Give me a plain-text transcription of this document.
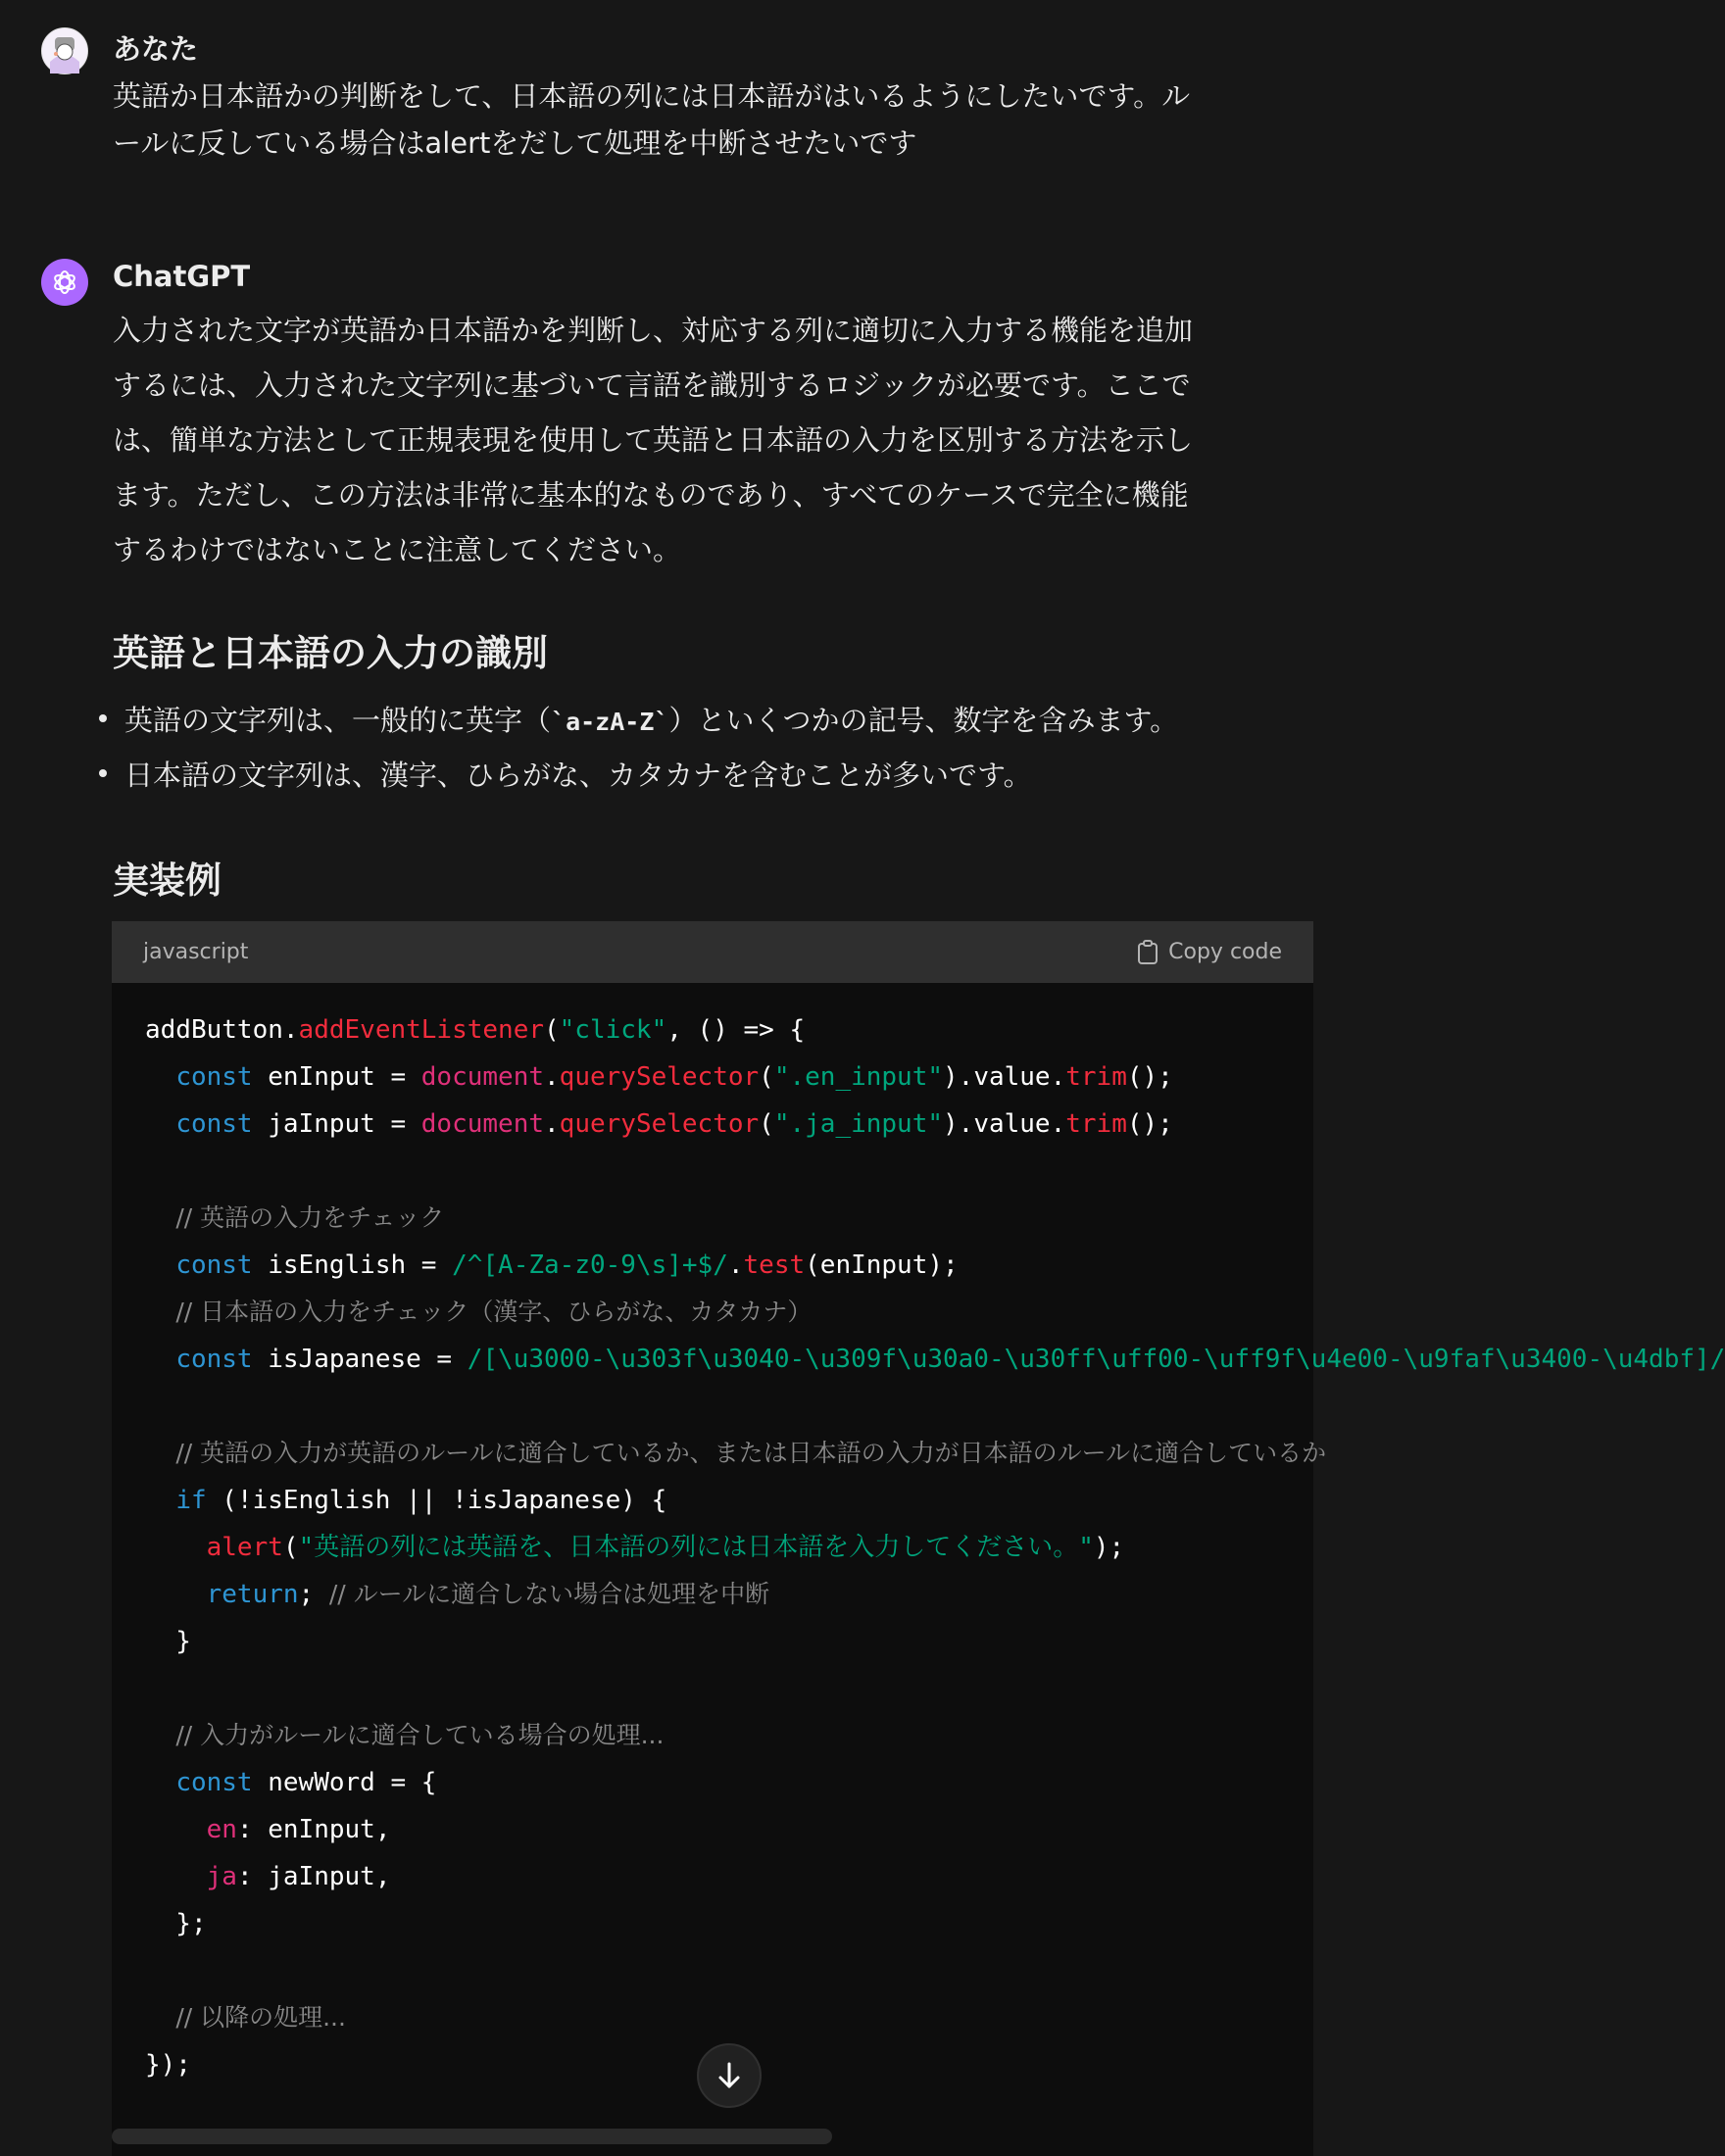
あなた
英語か日本語かの判断をして、日本語の列には日本語がはいるようにしたいです。ル
ールに反している場合はalertをだして処理を中断させたいです
ChatGPT
入力された文字が英語か日本語かを判断し、対応する列に適切に入力する機能を追加
するには、入力された文字列に基づいて言語を識別するロジックが必要です。ここで
は、簡単な方法として正規表現を使用して英語と日本語の入力を区別する方法を示し
ます。ただし、この方法は非常に基本的なものであり、すべてのケースで完全に機能
するわけではないことに注意してください。
英語と日本語の入力の識別
英語の文字列は、一般的に英字（`a-zA-Z`）といくつかの記号、数字を含みます。
日本語の文字列は、漢字、ひらがな、カタカナを含むことが多いです。
実装例
javascript	Copy code
addButton.addEventListener("click", () => {
const enInput = document.querySelector(".en_input").value.trim();
const jaInput = document.querySelector(".ja_input").value.trim();

// 英語の入力をチェック
const isEnglish = /^[A-Za-z0-9\s]+$/.test(enInput);
// 日本語の入力をチェック（漢字、ひらがな、カタカナ）
const isJapanese = /[\u3000-\u303f\u3040-\u309f\u30a0-\u30ff\uff00-\uff9f\u4e00-\u9faf\u3400-\u4dbf]/

// 英語の入力が英語のルールに適合しているか、または日本語の入力が日本語のルールに適合しているか
if (!isEnglish || !isJapanese) {
alert("英語の列には英語を、日本語の列には日本語を入力してください。");
return; // ルールに適合しない場合は処理を中断
}

// 入力がルールに適合している場合の処理...
const newWord = {
en: enInput,
ja: jaInput,
};

// 以降の処理...
});
